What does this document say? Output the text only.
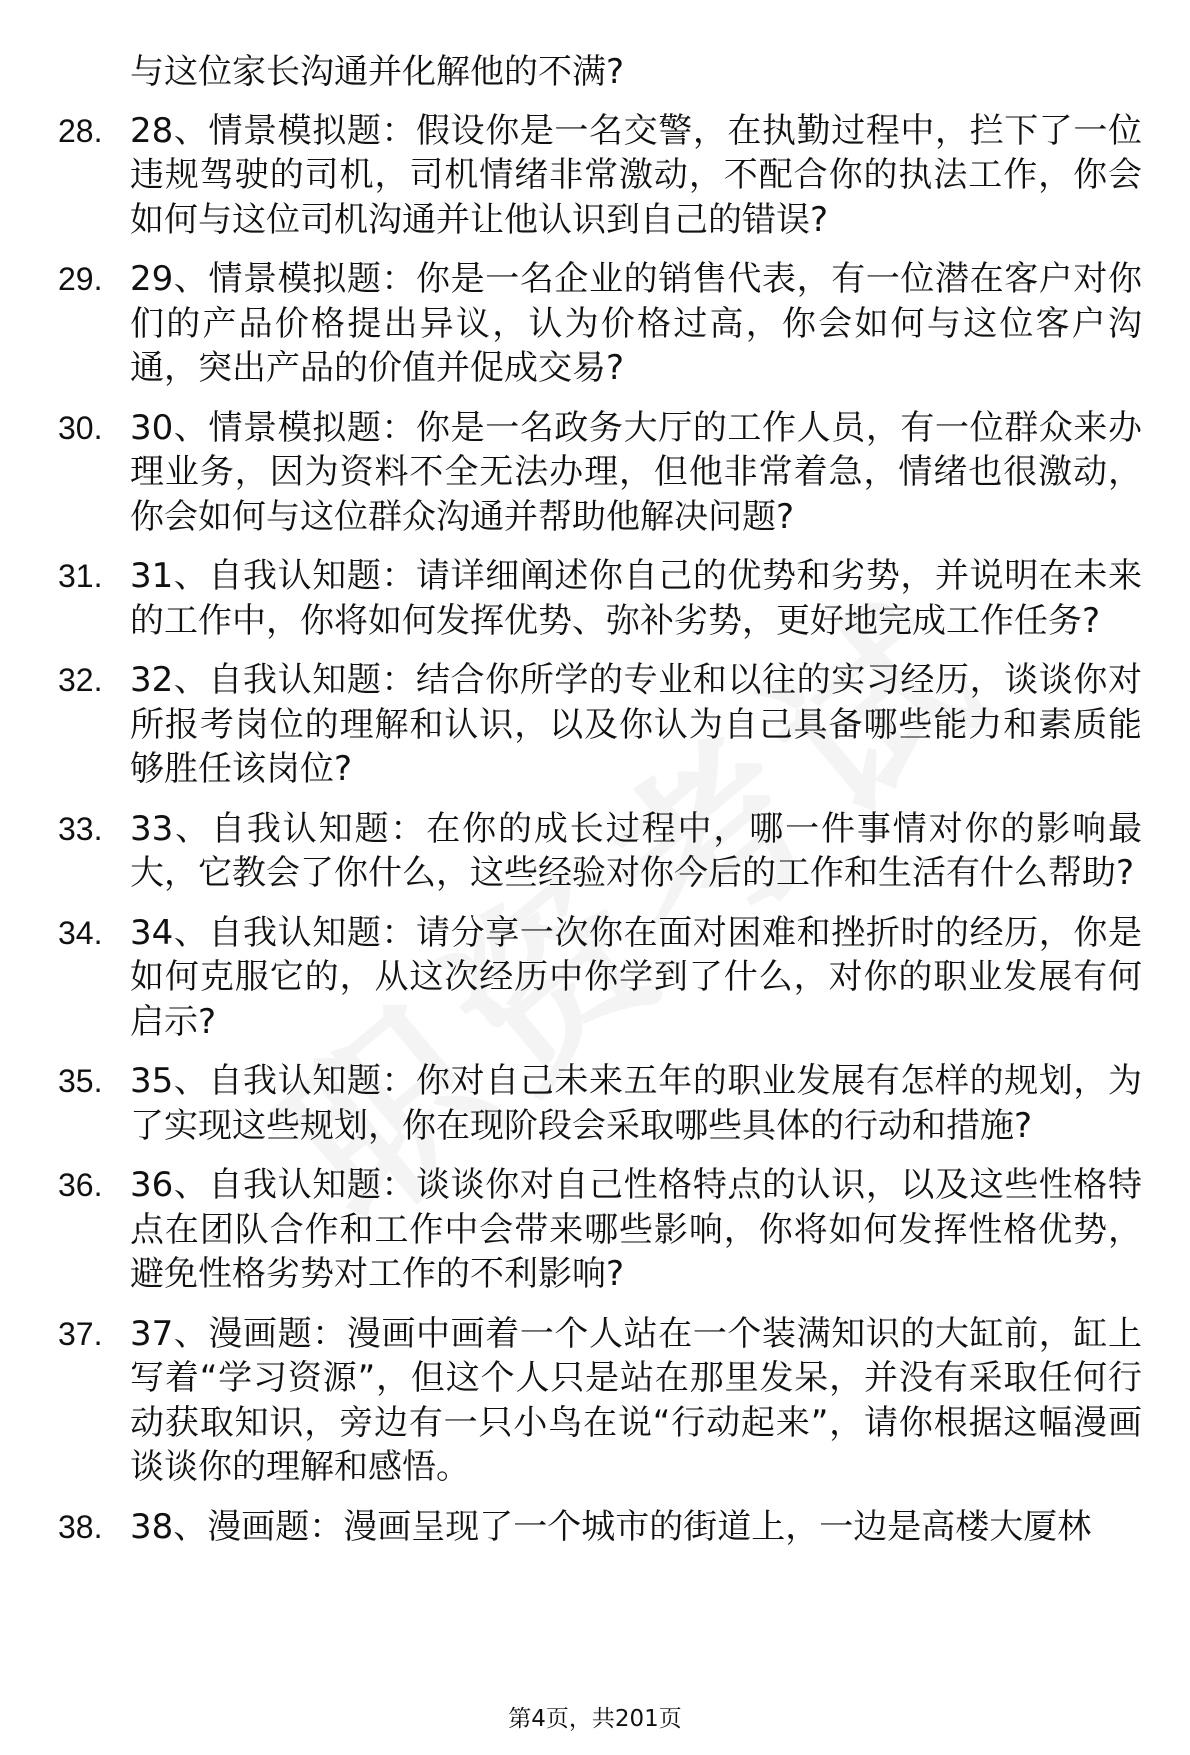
与这位家长沟通并化解他的不满?
28. 28、情景模拟题：假设你是一名交警，在执勤过程中，拦下了一位违规驾驶的司机，司机情绪非常激动，不配合你的执法工作，你会如何与这位司机沟通并让他认识到自己的错误?
29. 29、情景模拟题：你是一名企业的销售代表，有一位潜在客户对你们的产品价格提出异议，认为价格过高，你会如何与这位客户沟通，突出产品的价值并促成交易?
30. 30、情景模拟题：你是一名政务大厅的工作人员，有一位群众来办理业务，因为资料不全无法办理，但他非常着急，情绪也很激动，你会如何与这位群众沟通并帮助他解决问题?
31. 31、自我认知题：请详细阐述你自己的优势和劣势，并说明在未来的工作中，你将如何发挥优势、弥补劣势，更好地完成工作任务?
32. 32、自我认知题：结合你所学的专业和以往的实习经历，谈谈你对所报考岗位的理解和认识，以及你认为自己具备哪些能力和素质能够胜任该岗位?
33. 33、自我认知题：在你的成长过程中，哪一件事情对你的影响最大，它教会了你什么，这些经验对你今后的工作和生活有什么帮助?
34. 34、自我认知题：请分享一次你在面对困难和挫折时的经历，你是如何克服它的，从这次经历中你学到了什么，对你的职业发展有何启示?
35. 35、自我认知题：你对自己未来五年的职业发展有怎样的规划，为了实现这些规划，你在现阶段会采取哪些具体的行动和措施?
36. 36、自我认知题：谈谈你对自己性格特点的认识，以及这些性格特点在团队合作和工作中会带来哪些影响，你将如何发挥性格优势，避免性格劣势对工作的不利影响?
37. 37、漫画题：漫画中画着一个人站在一个装满知识的大缸前，缸上写着“学习资源”，但这个人只是站在那里发呆，并没有采取任何行动获取知识，旁边有一只小鸟在说“行动起来”，请你根据这幅漫画谈谈你的理解和感悟。
38. 38、漫画题：漫画呈现了一个城市的街道上，一边是高楼大厦林
第4页，共201页
